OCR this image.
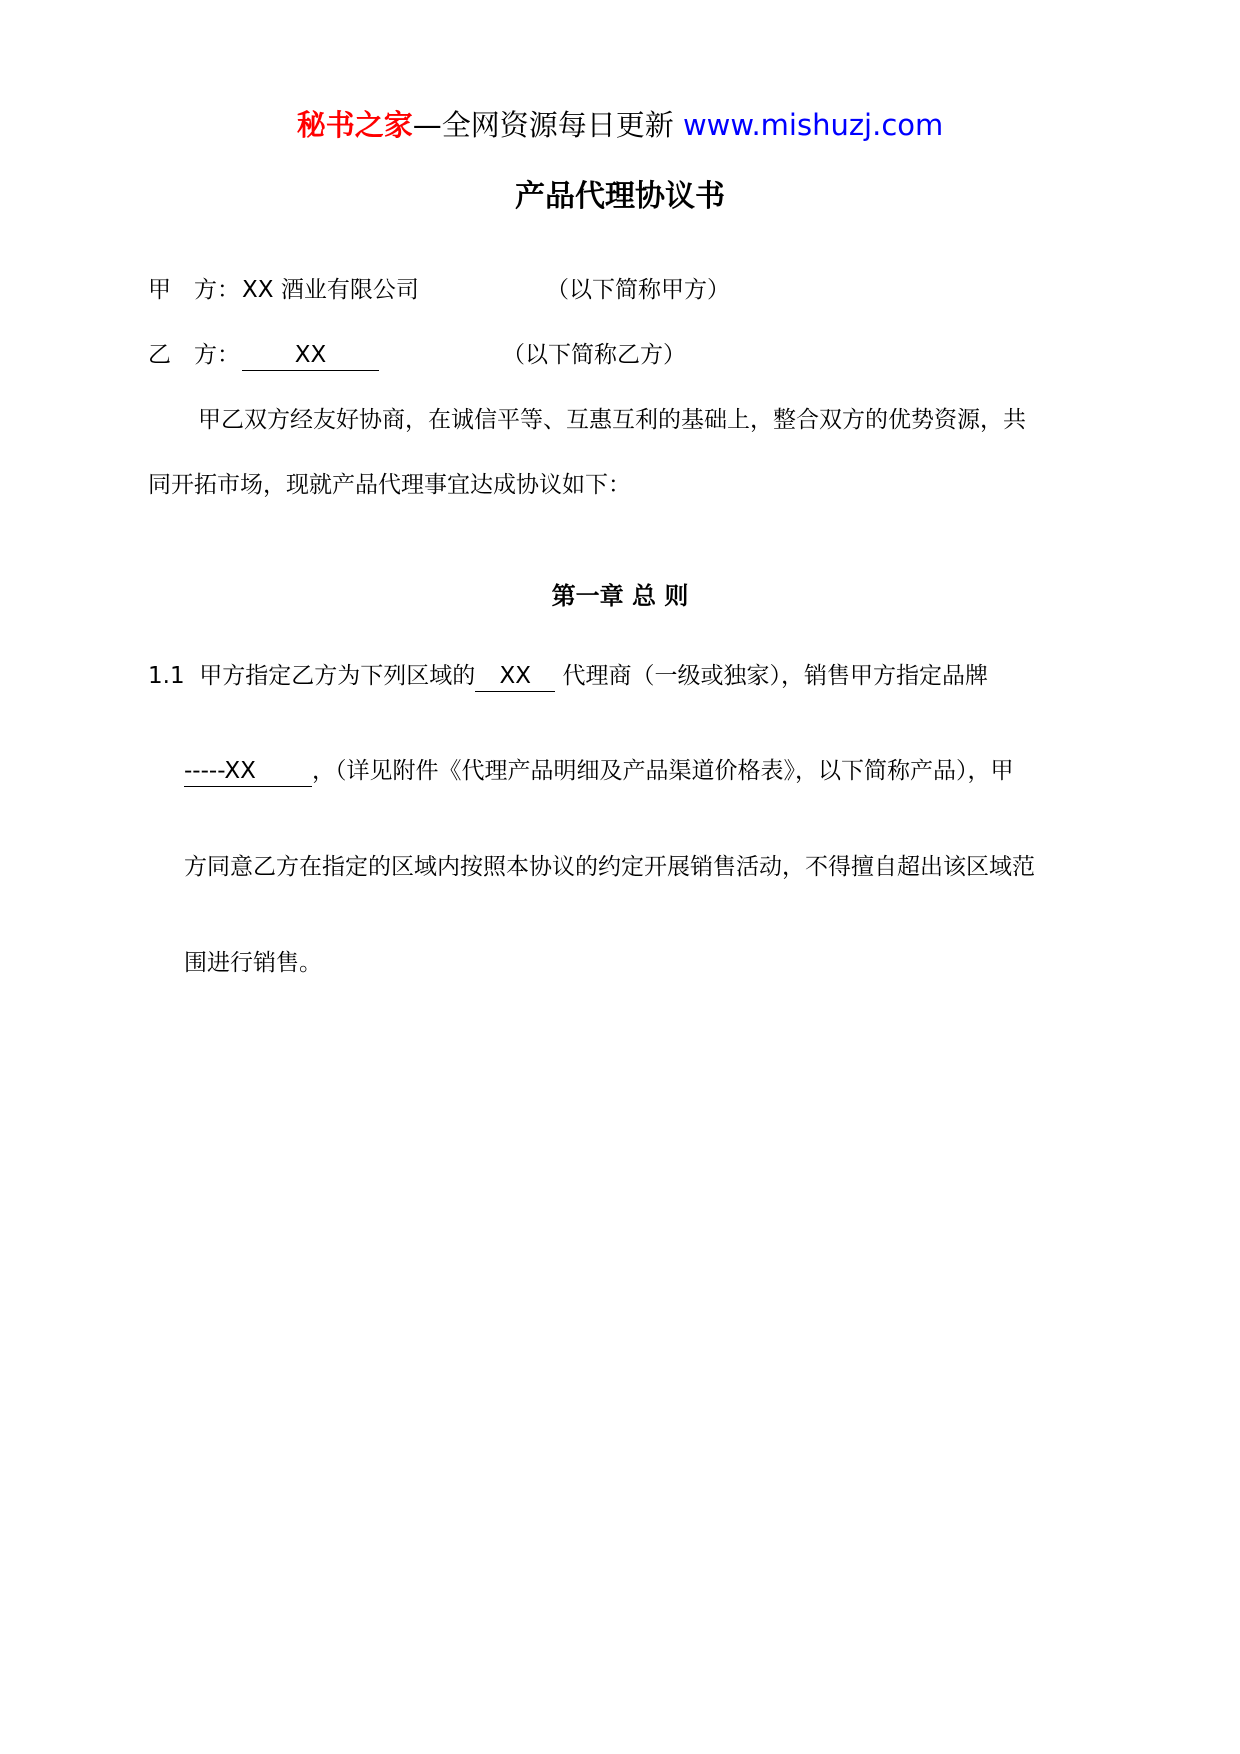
秘书之家—全网资源每日更新 www.mishuzj.com
产品代理协议书
甲　方：XX 酒业有限公司	（以下简称甲方）
乙　方： XX	（以下简称乙方）
甲乙双方经友好协商，在诚信平等、互惠互利的基础上，整合双方的优势资源，共
同开拓市场，现就产品代理事宜达成协议如下：
第一章 总 则
1.1 甲方指定乙方为下列区域的 XX 代理商（一级或独家），销售甲方指定品牌
-----XX ，（详见附件《代理产品明细及产品渠道价格表》，以下简称产品），甲
方同意乙方在指定的区域内按照本协议的约定开展销售活动，不得擅自超出该区域范
围进行销售。
